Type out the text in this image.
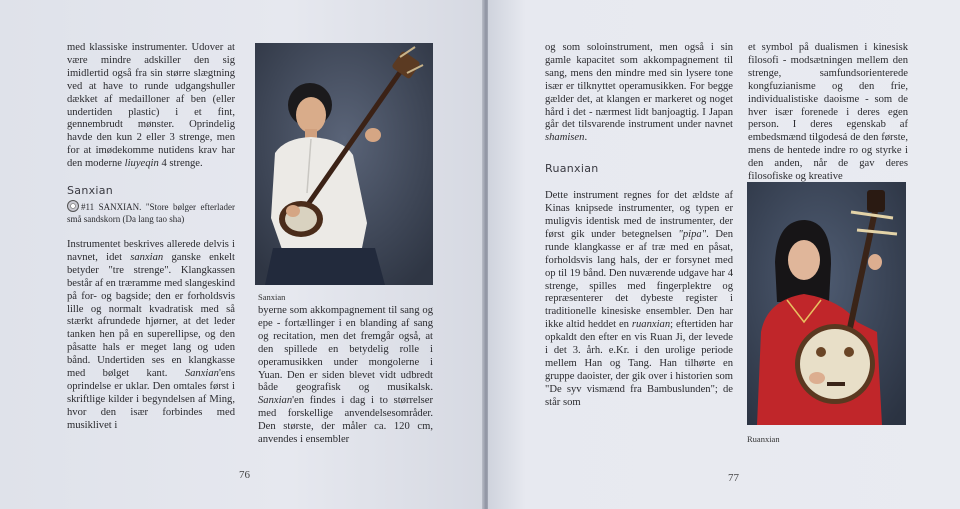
med klassiske instrumenter. Udover at være mindre adskiller den sig imidlertid også fra sin større slægtning ved at have to runde udgangshuller dækket af medailloner af ben (eller undertiden plastic) i et fint, gennembrudt mønster. Oprindelig havde den kun 2 eller 3 strenge, men for at imødekomme nutidens krav har den moderne liuyeqin 4 strenge.

Sanxian
#11 SANXIAN. "Store bølger efterlader små sandskorn (Da lang tao sha)

Instrumentet beskrives allerede delvis i navnet, idet sanxian ganske enkelt betyder "tre strenge". Klangkassen består af en træramme med slangeskind på for- og bagside; den er forholdsvis lille og normalt kvadratisk med så stærkt afrundede hjørner, at det leder tanken hen på en superellipse, og den påsatte hals er meget lang og uden bånd. Undertiden ses en klangkasse med bølget kant. Sanxian'ens oprindelse er uklar. Den omtales først i skriftlige kilder i begyndelsen af Ming, hvor den især forbindes med musiklivet i

Sanxian

byerne som akkompagnement til sang og epe - fortællinger i en blanding af sang og recitation, men det fremgår også, at den spillede en betydelig rolle i operamusikken under mongolerne i Yuan. Den er siden blevet vidt udbredt både geografisk og musikalsk. Sanxian'en findes i dag i to størrelser med forskellige anvendelsesområder. Den største, der måler ca. 120 cm, anvendes i ensembler

76

og som soloinstrument, men også i sin gamle kapacitet som akkompagnement til sang, mens den mindre med sin lysere tone især er tilknyttet operamusikken. For begge gælder det, at klangen er markeret og noget hård i det - nærmest lidt banjoagtig. I Japan går det tilsvarende instrument under navnet shamisen.

Ruanxian

Dette instrument regnes for det ældste af Kinas knipsede instrumenter, og typen er muligvis identisk med de instrumenter, der først gik under betegnelsen "pipa". Den runde klangkasse er af træ med en påsat, forholdsvis lang hals, der er forsynet med op til 19 bånd. Den nuværende udgave har 4 strenge, spilles med fingerplektre og repræsenterer det dybeste register i traditionelle kinesiske ensembler. Den har ikke altid heddet en ruanxian; eftertiden har opkaldt den efter en vis Ruan Ji, der levede i det 3. årh. e.Kr. i den urolige periode mellem Han og Tang. Han tilhørte en gruppe daoister, der gik over i historien som "De syv vismænd fra Bambuslunden"; de står som

et symbol på dualismen i kinesisk filosofi - modsætningen mellem den strenge, samfundsorienterede kongfuzianisme og den frie, individualistiske daoisme - som de hver især forenede i deres egen person. I deres egenskab af embedsmænd tilgodesá de den første, mens de hentede indre ro og styrke i den anden, når de gav deres filosofiske og kreative

Ruanxian
77
